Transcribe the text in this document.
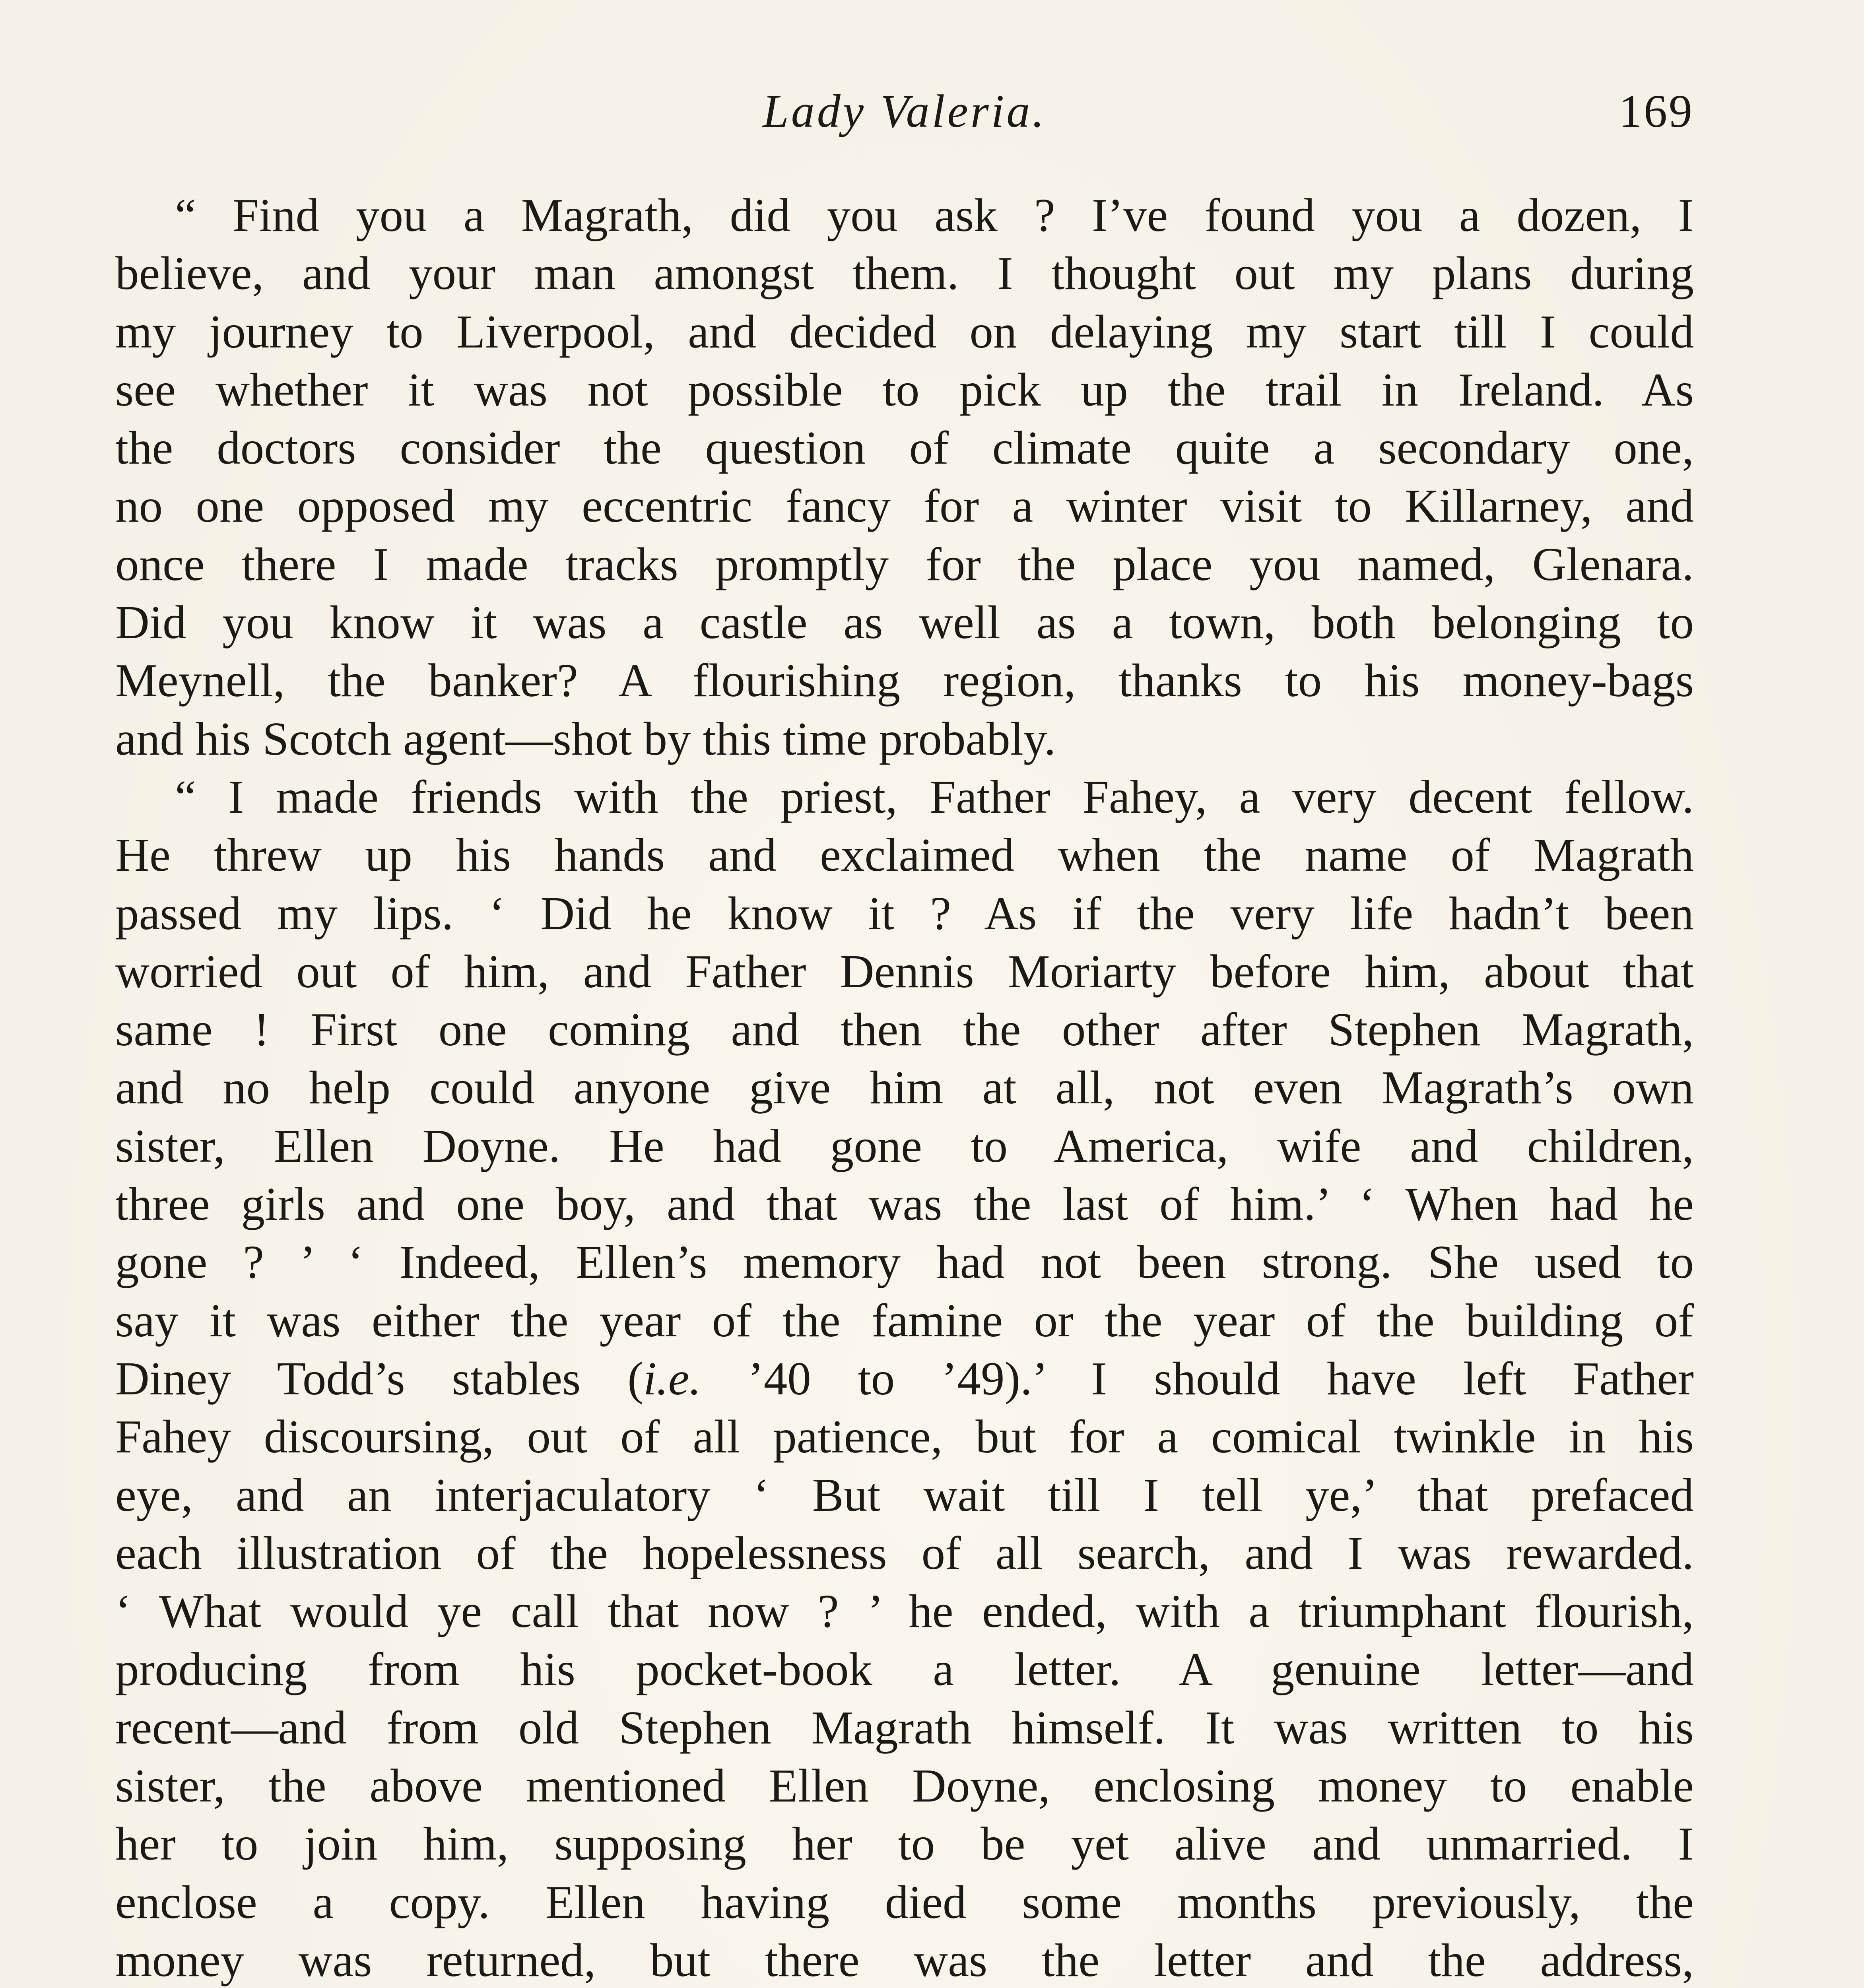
Lady Valeria.	169
“ Find you a Magrath, did you ask ? I’ve found you a dozen, I
believe, and your man amongst them. I thought out my plans during
my journey to Liverpool, and decided on delaying my start till I could
see whether it was not possible to pick up the trail in Ireland. As
the doctors consider the question of climate quite a secondary one,
no one opposed my eccentric fancy for a winter visit to Killarney, and
once there I made tracks promptly for the place you named, Glenara.
Did you know it was a castle as well as a town, both belonging to
Meynell, the banker? A flourishing region, thanks to his money-bags
and his Scotch agent—shot by this time probably.
“ I made friends with the priest, Father Fahey, a very decent fellow.
He threw up his hands and exclaimed when the name of Magrath
passed my lips. ‘ Did he know it ? As if the very life hadn’t been
worried out of him, and Father Dennis Moriarty before him, about that
same ! First one coming and then the other after Stephen Magrath,
and no help could anyone give him at all, not even Magrath’s own
sister, Ellen Doyne. He had gone to America, wife and children,
three girls and one boy, and that was the last of him.’ ‘ When had he
gone ? ’ ‘ Indeed, Ellen’s memory had not been strong. She used to
say it was either the year of the famine or the year of the building of
Diney Todd’s stables (i.e. ’40 to ’49).’ I should have left Father
Fahey discoursing, out of all patience, but for a comical twinkle in his
eye, and an interjaculatory ‘ But wait till I tell ye,’ that prefaced
each illustration of the hopelessness of all search, and I was rewarded.
‘ What would ye call that now ? ’ he ended, with a triumphant flourish,
producing from his pocket-book a letter. A genuine letter—and
recent—and from old Stephen Magrath himself. It was written to his
sister, the above mentioned Ellen Doyne, enclosing money to enable
her to join him, supposing her to be yet alive and unmarried. I
enclose a copy. Ellen having died some months previously, the
money was returned, but there was the letter and the address,
